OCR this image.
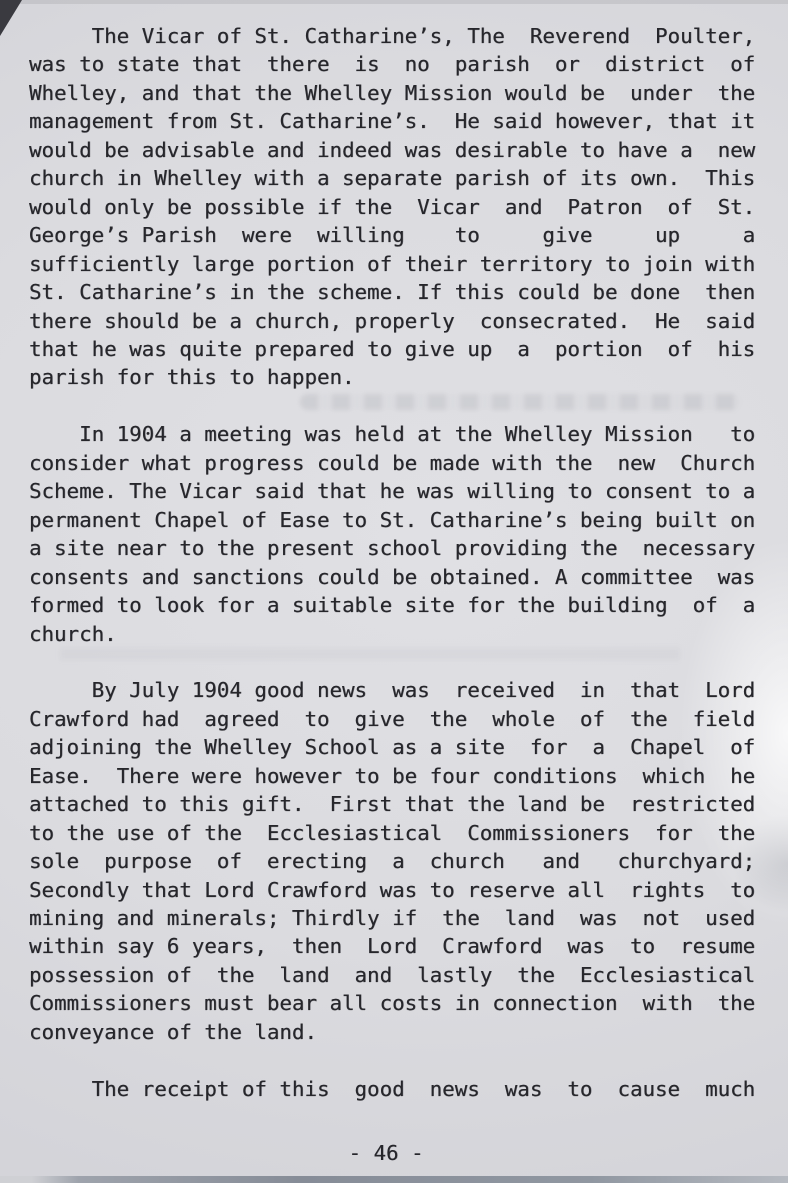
The Vicar of St. Catharine’s, The  Reverend  Poulter,
was to state that  there  is  no  parish  or  district  of
Whelley, and that the Whelley Mission would be  under  the
management from St. Catharine’s.  He said however, that it
would be advisable and indeed was desirable to have a  new
church in Whelley with a separate parish of its own.  This
would only be possible if the  Vicar  and  Patron  of  St.
George’s Parish  were  willing    to     give     up     a
sufficiently large portion of their territory to join with
St. Catharine’s in the scheme. If this could be done  then
there should be a church, properly  consecrated.  He  said
that he was quite prepared to give up  a  portion  of  his
parish for this to happen.
In 1904 a meeting was held at the Whelley Mission   to
consider what progress could be made with the  new  Church
Scheme. The Vicar said that he was willing to consent to a
permanent Chapel of Ease to St. Catharine’s being built on
a site near to the present school providing the  necessary
consents and sanctions could be obtained. A committee  was
formed to look for a suitable site for the building  of  a
church.
By July 1904 good news  was  received  in  that  Lord
Crawford had  agreed  to  give  the  whole  of  the  field
adjoining the Whelley School as a site  for  a  Chapel  of
Ease.  There were however to be four conditions  which  he
attached to this gift.  First that the land be  restricted
to the use of the  Ecclesiastical  Commissioners  for  the
sole  purpose  of  erecting  a  church   and   churchyard;
Secondly that Lord Crawford was to reserve all  rights  to
mining and minerals; Thirdly if  the  land  was  not  used
within say 6 years,  then  Lord  Crawford  was  to  resume
possession of  the  land  and  lastly  the  Ecclesiastical
Commissioners must bear all costs in connection  with  the
conveyance of the land.
The receipt of this  good  news  was  to  cause  much
- 46 -
